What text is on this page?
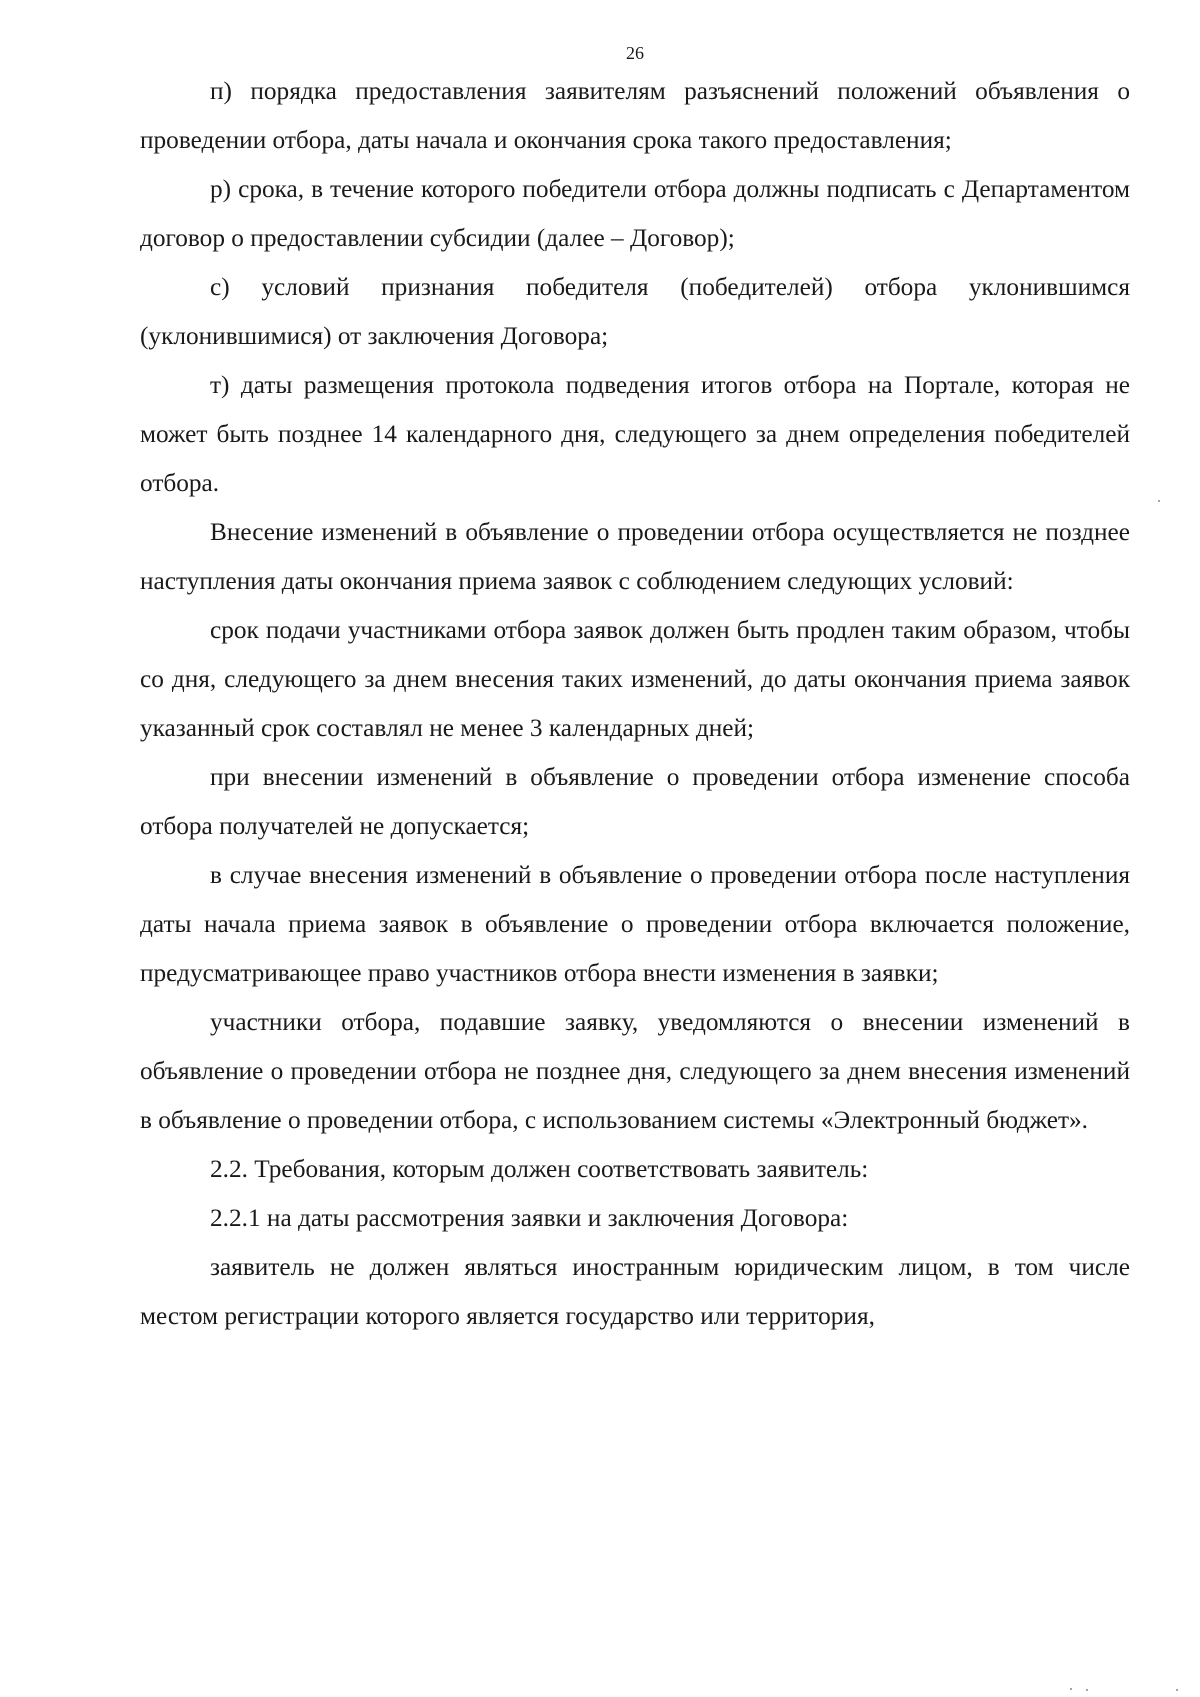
26

п) порядка предоставления заявителям разъяснений положений объявления о проведении отбора, даты начала и окончания срока такого предоставления;

р) срока, в течение которого победители отбора должны подписать с Департаментом договор о предоставлении субсидии (далее – Договор);

с) условий признания победителя (победителей) отбора уклонившимся (уклонившимися) от заключения Договора;

т) даты размещения протокола подведения итогов отбора на Портале, которая не может быть позднее 14 календарного дня, следующего за днем определения победителей отбора.

Внесение изменений в объявление о проведении отбора осуществляется не позднее наступления даты окончания приема заявок с соблюдением следующих условий:

срок подачи участниками отбора заявок должен быть продлен таким образом, чтобы со дня, следующего за днем внесения таких изменений, до даты окончания приема заявок указанный срок составлял не менее 3 календарных дней;

при внесении изменений в объявление о проведении отбора изменение способа отбора получателей не допускается;

в случае внесения изменений в объявление о проведении отбора после наступления даты начала приема заявок в объявление о проведении отбора включается положение, предусматривающее право участников отбора внести изменения в заявки;

участники отбора, подавшие заявку, уведомляются о внесении изменений в объявление о проведении отбора не позднее дня, следующего за днем внесения изменений в объявление о проведении отбора, с использованием системы «Электронный бюджет».

2.2. Требования, которым должен соответствовать заявитель:

2.2.1 на даты рассмотрения заявки и заключения Договора:

заявитель не должен являться иностранным юридическим лицом, в том числе местом регистрации которого является государство или территория,
